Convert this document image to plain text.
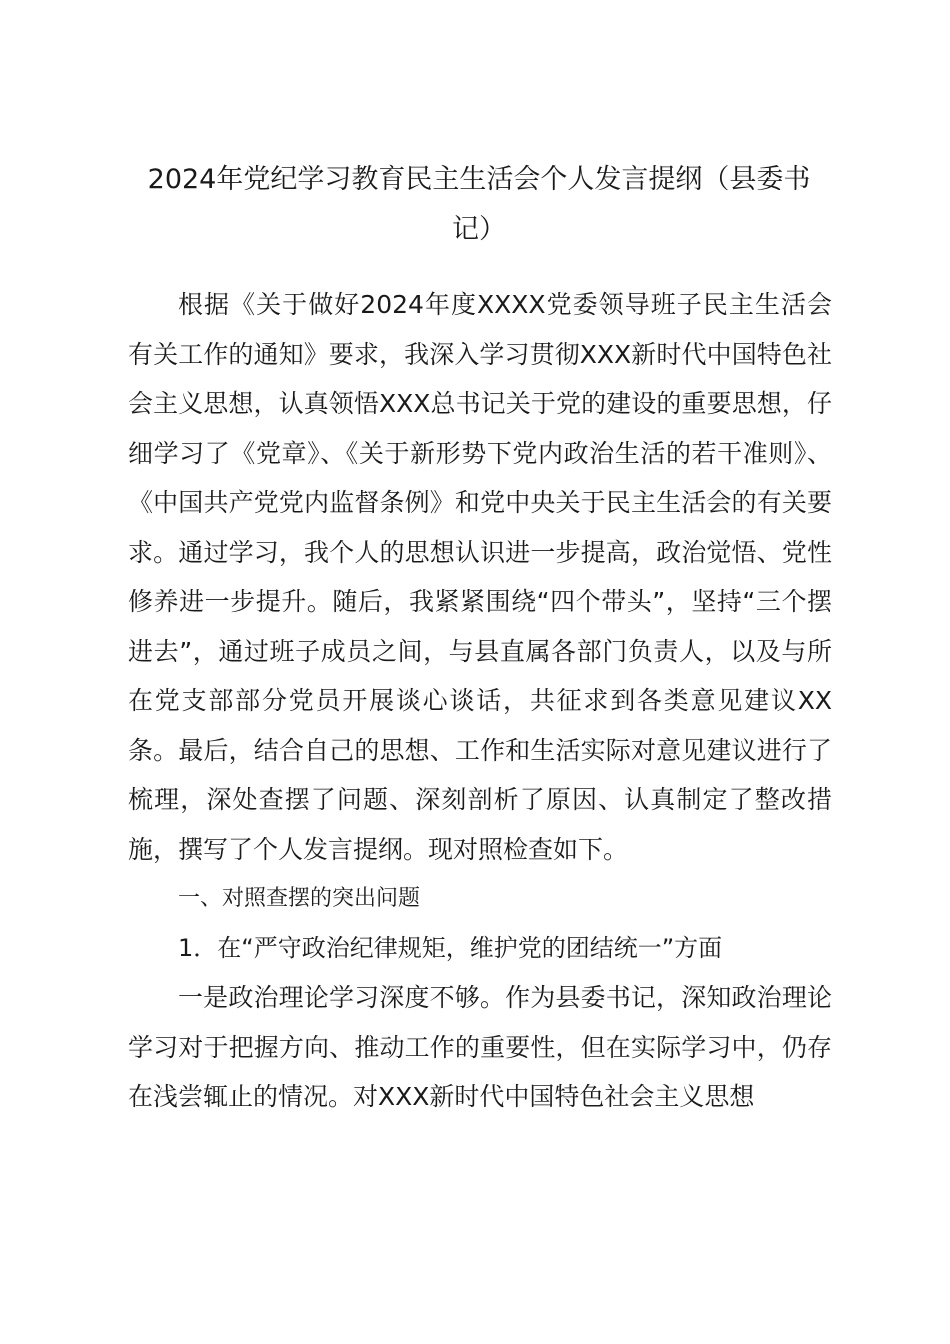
2024年党纪学习教育民主生活会个人发言提纲（县委书记）

根据《关于做好2024年度XXXX党委领导班子民主生活会有关工作的通知》要求，我深入学习贯彻XXX新时代中国特色社会主义思想，认真领悟XXX总书记关于党的建设的重要思想，仔细学习了《党章》、《关于新形势下党内政治生活的若干准则》、《中国共产党党内监督条例》和党中央关于民主生活会的有关要求。通过学习，我个人的思想认识进一步提高，政治觉悟、党性修养进一步提升。随后，我紧紧围绕“四个带头”，坚持“三个摆进去”，通过班子成员之间，与县直属各部门负责人，以及与所在党支部部分党员开展谈心谈话，共征求到各类意见建议XX条。最后，结合自己的思想、工作和生活实际对意见建议进行了梳理，深处查摆了问题、深刻剖析了原因、认真制定了整改措施，撰写了个人发言提纲。现对照检查如下。

一、对照查摆的突出问题

1．在“严守政治纪律规矩，维护党的团结统一”方面

一是政治理论学习深度不够。作为县委书记，深知政治理论学习对于把握方向、推动工作的重要性，但在实际学习中，仍存在浅尝辄止的情况。对XXX新时代中国特色社会主义思想
